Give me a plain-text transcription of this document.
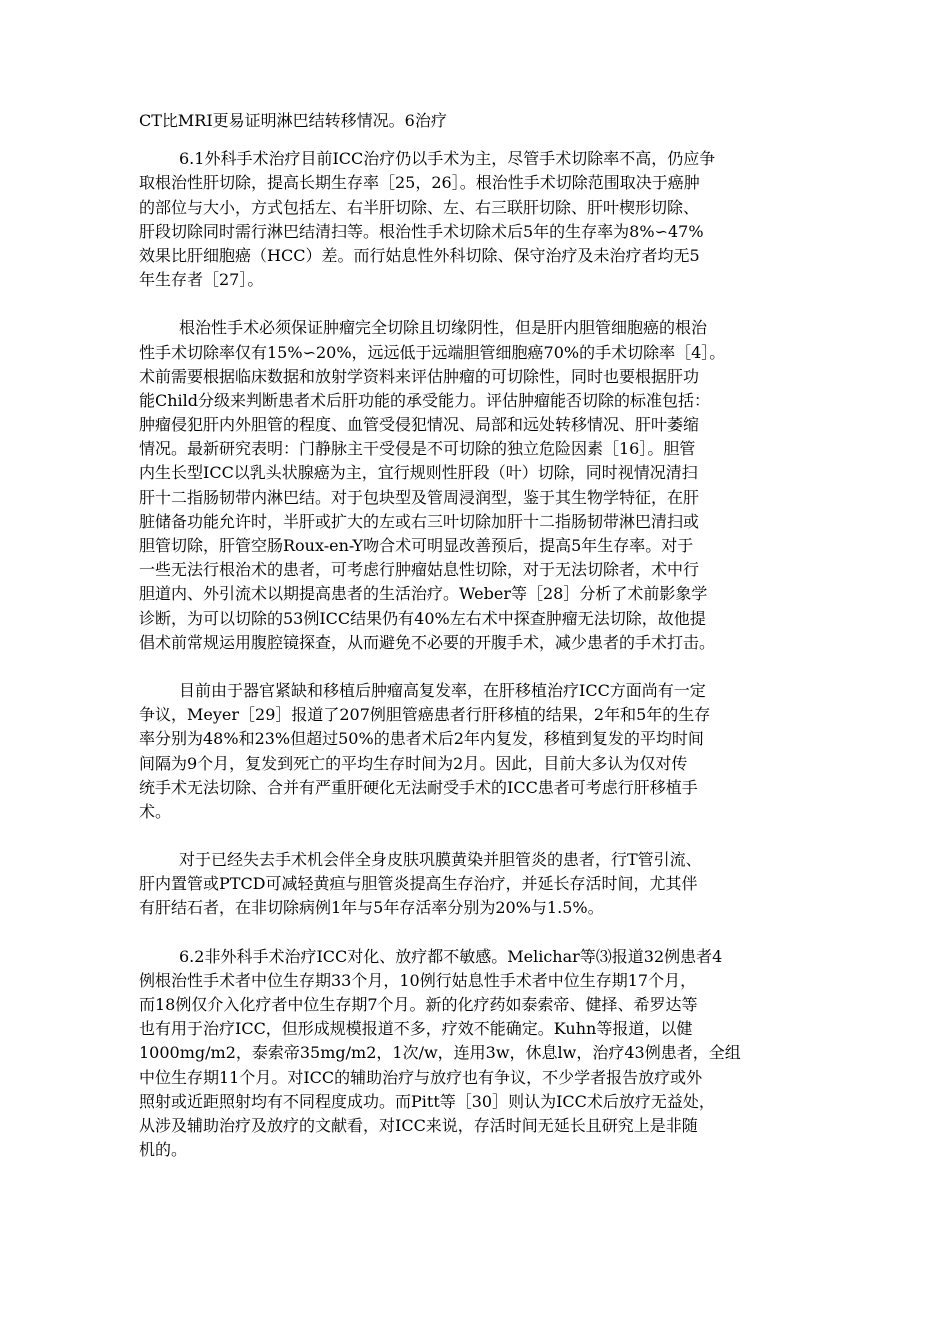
CT比MRI更易证明淋巴结转移情况。6治疗
6.1外科手术治疗目前ICC治疗仍以手术为主，尽管手术切除率不高，仍应争
取根治性肝切除，提高长期生存率［25，26］。根治性手术切除范围取决于癌肿
的部位与大小，方式包括左、右半肝切除、左、右三联肝切除、肝叶楔形切除、
肝段切除同时需行淋巴结清扫等。根治性手术切除术后5年的生存率为8%∽47%
效果比肝细胞癌（HCC）差。而行姑息性外科切除、保守治疗及未治疗者均无5
年生存者［27］。
根治性手术必须保证肿瘤完全切除且切缘阴性，但是肝内胆管细胞癌的根治
性手术切除率仅有15%∽20%，远远低于远端胆管细胞癌70%的手术切除率［4］。
术前需要根据临床数据和放射学资料来评估肿瘤的可切除性，同时也要根据肝功
能Child分级来判断患者术后肝功能的承受能力。评估肿瘤能否切除的标准包括：
肿瘤侵犯肝内外胆管的程度、血管受侵犯情况、局部和远处转移情况、肝叶萎缩
情况。最新研究表明：门静脉主干受侵是不可切除的独立危险因素［16］。胆管
内生长型ICC以乳头状腺癌为主，宜行规则性肝段（叶）切除，同时视情况清扫
肝十二指肠韧带内淋巴结。对于包块型及管周浸润型，鉴于其生物学特征，在肝
脏储备功能允许时，半肝或扩大的左或右三叶切除加肝十二指肠韧带淋巴清扫或
胆管切除，肝管空肠Roux-en-Y吻合术可明显改善预后，提高5年生存率。对于
一些无法行根治术的患者，可考虑行肿瘤姑息性切除，对于无法切除者，术中行
胆道内、外引流术以期提高患者的生活治疗。Weber等［28］分析了术前影象学
诊断，为可以切除的53例ICC结果仍有40%左右术中探查肿瘤无法切除，故他提
倡术前常规运用腹腔镜探查，从而避免不必要的开腹手术，减少患者的手术打击。
目前由于器官紧缺和移植后肿瘤高复发率，在肝移植治疗ICC方面尚有一定
争议，Meyer［29］报道了207例胆管癌患者行肝移植的结果，2年和5年的生存
率分别为48%和23%但超过50%的患者术后2年内复发，移植到复发的平均时间
间隔为9个月，复发到死亡的平均生存时间为2月。因此，目前大多认为仅对传
统手术无法切除、合并有严重肝硬化无法耐受手术的ICC患者可考虑行肝移植手
术。
对于已经失去手术机会伴全身皮肤巩膜黄染并胆管炎的患者，行T管引流、
肝内置管或PTCD可减轻黄疸与胆管炎提高生存治疗，并延长存活时间，尤其伴
有肝结石者，在非切除病例1年与5年存活率分别为20%与1.5%。
6.2非外科手术治疗ICC对化、放疗都不敏感。Melichar等⑶报道32例患者4
例根治性手术者中位生存期33个月，10例行姑息性手术者中位生存期17个月，
而18例仅介入化疗者中位生存期7个月。新的化疗药如泰索帝、健择、希罗达等
也有用于治疗ICC，但形成规模报道不多，疗效不能确定。Kuhn等报道，以健
1000mg/m2，泰索帝35mg/m2，1次/w，连用3w，休息lw，治疗43例患者，全组
中位生存期11个月。对ICC的辅助治疗与放疗也有争议，不少学者报告放疗或外
照射或近距照射均有不同程度成功。而Pitt等［30］则认为ICC术后放疗无益处，
从涉及辅助治疗及放疗的文献看，对ICC来说，存活时间无延长且研究上是非随
机的。
